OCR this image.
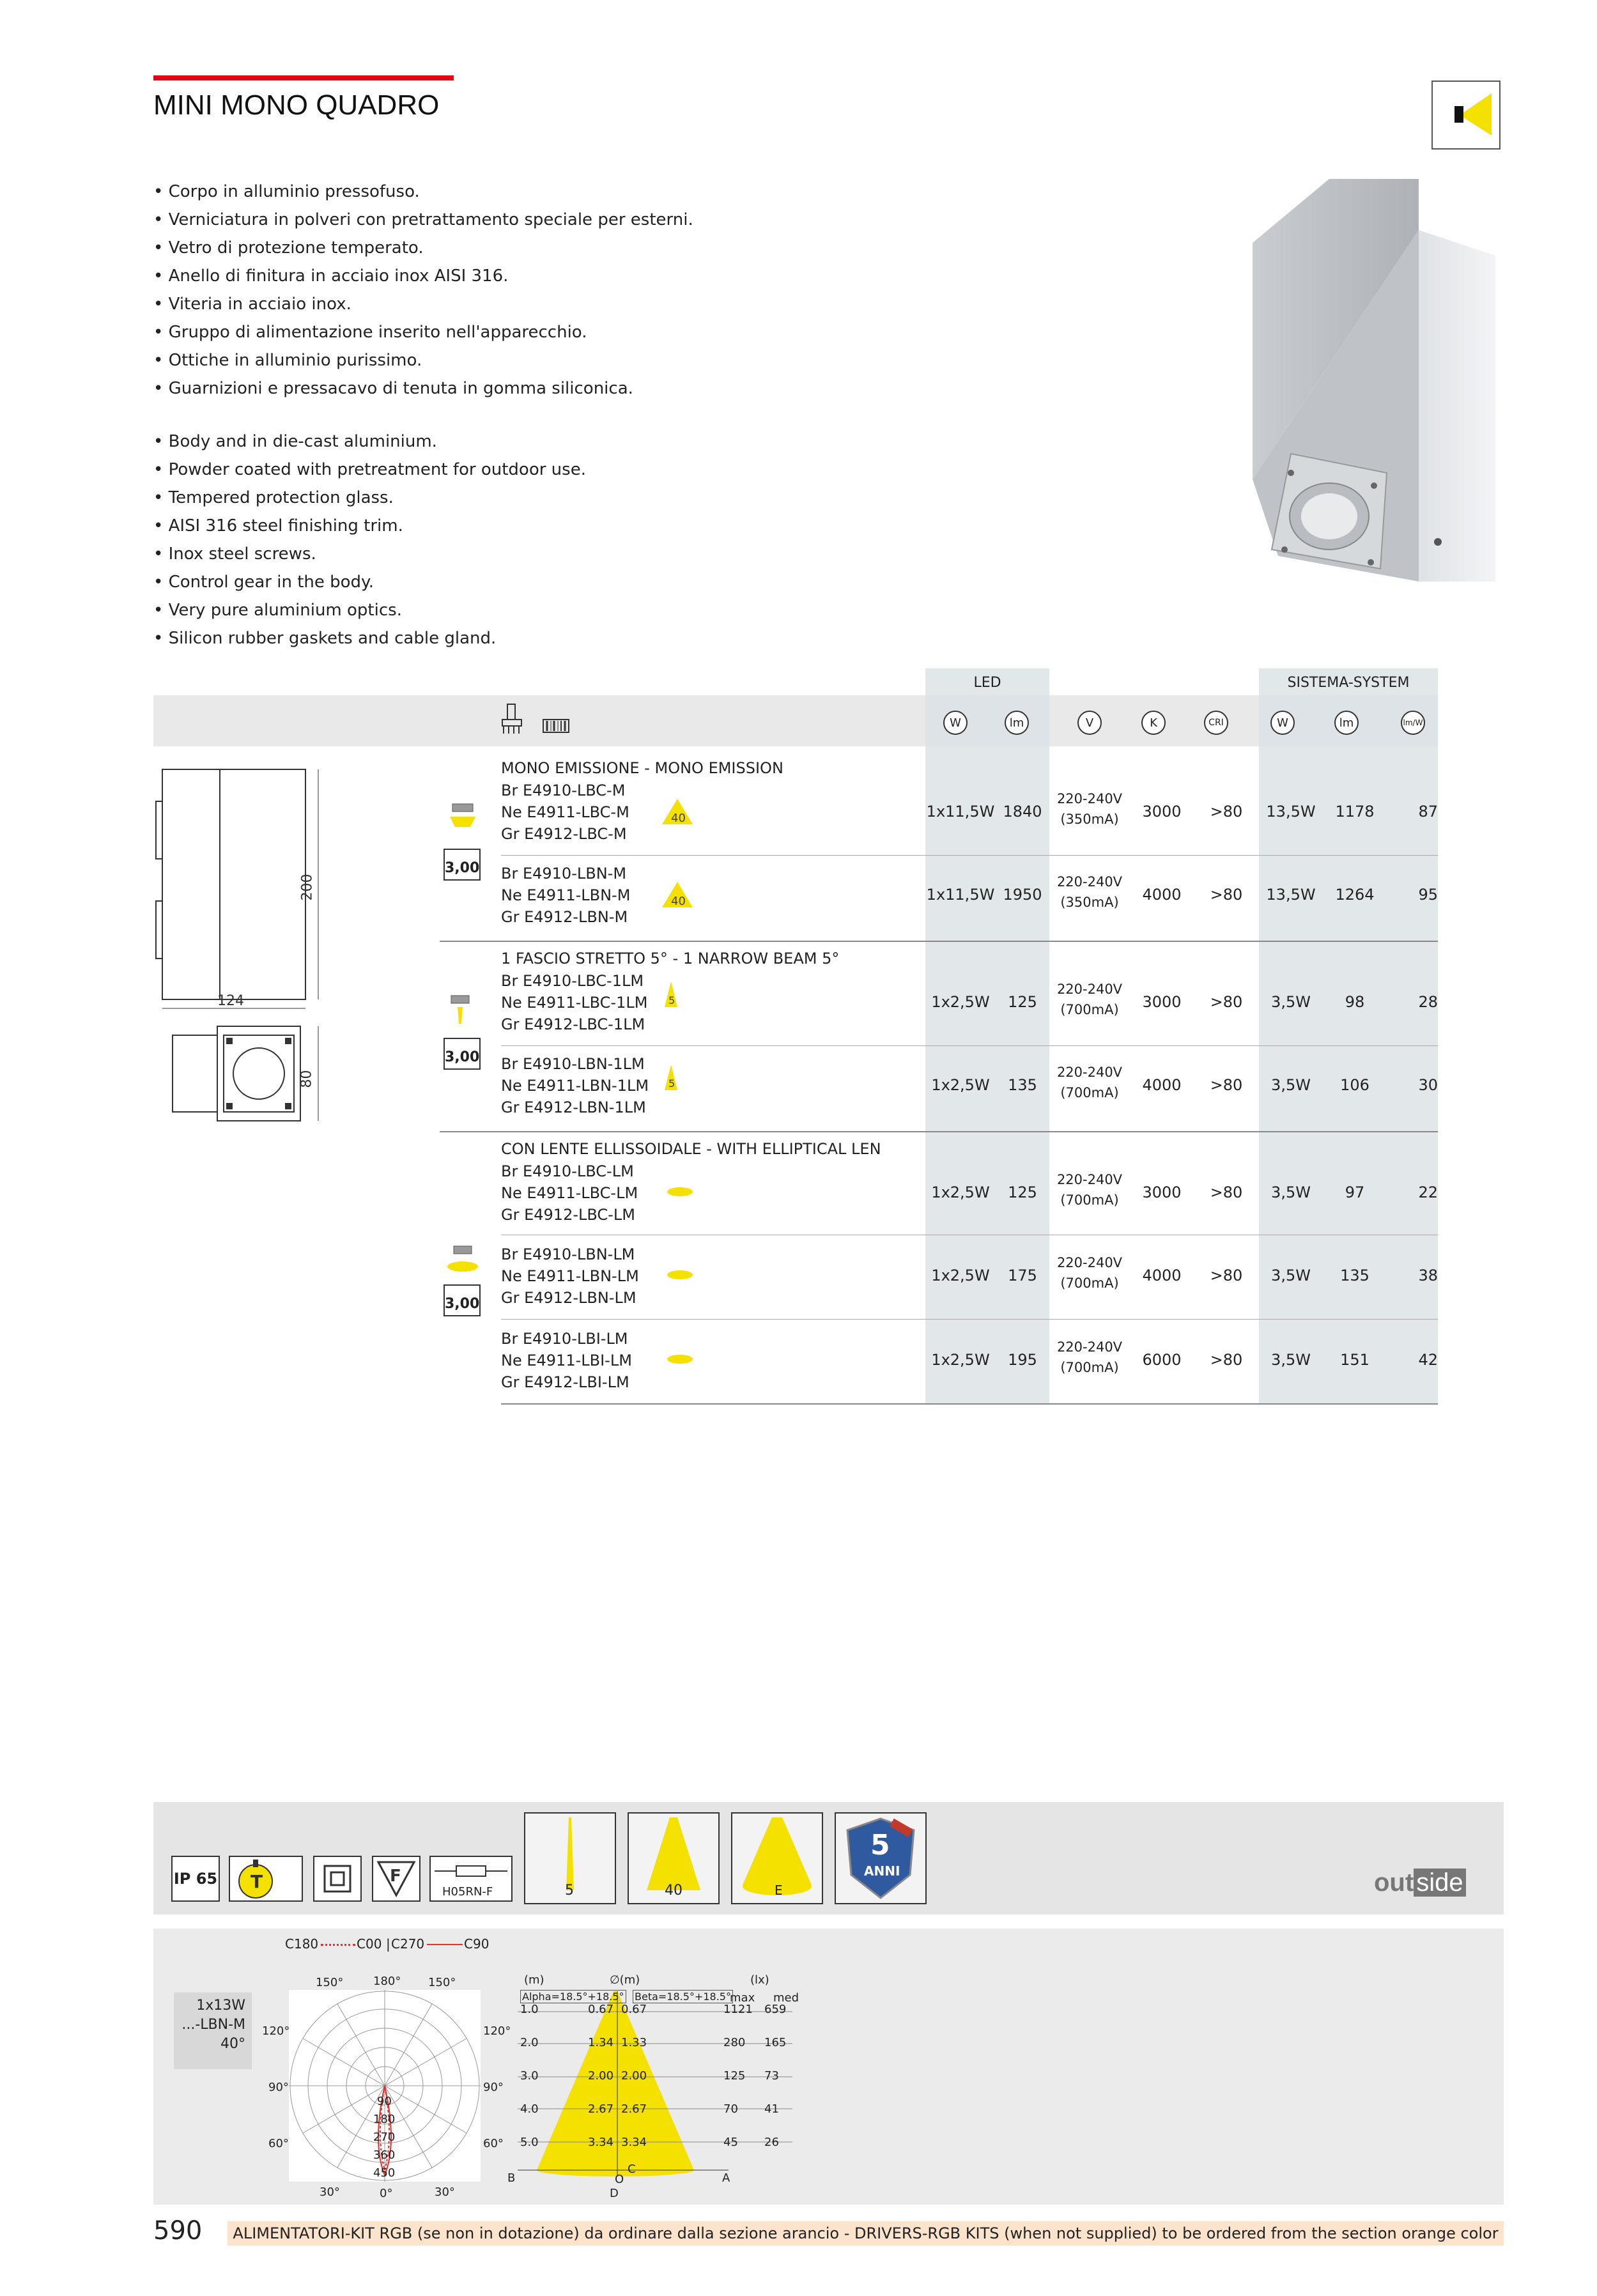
MINI MONO QUADRO
• Corpo in alluminio pressofuso.
• Verniciatura in polveri con pretrattamento speciale per esterni.
• Vetro di protezione temperato.
• Anello di finitura in acciaio inox AISI 316.
• Viteria in acciaio inox.
• Gruppo di alimentazione inserito nell'apparecchio.
• Ottiche in alluminio purissimo.
• Guarnizioni e pressacavo di tenuta in gomma siliconica.
• Body and in die-cast aluminium.
• Powder coated with pretreatment for outdoor use.
• Tempered protection glass.
• AISI 316 steel finishing trim.
• Inox steel screws.
• Control gear in the body.
• Very pure aluminium optics.
• Silicon rubber gaskets and cable gland.
LED	SISTEMA-SYSTEM
W	lm	V	K	CRI	W	lm	lm/W
MONO EMISSIONE - MONO EMISSION
1 FASCIO STRETTO 5° - 1 NARROW BEAM 5°
CON LENTE ELLISSOIDALE - WITH ELLIPTICAL LEN
3,00
3,00
3,00
Br E4910-LBC-M
Ne E4911-LBC-M
Gr E4912-LBC-M
40	1x11,5W 1840
220-240V
(350mA)	3000	>80	13,5W	1178	87
Br E4910-LBN-M
Ne E4911-LBN-M
Gr E4912-LBN-M
40	1x11,5W 1950
220-240V
(350mA)	4000	>80	13,5W	1264	95
Br E4910-LBC-1LM
Ne E4911-LBC-1LM
Gr E4912-LBC-1LM
5	1x2,5W	125
220-240V
(700mA)	3000	>80	3,5W	98	28
Br E4910-LBN-1LM
Ne E4911-LBN-1LM
Gr E4912-LBN-1LM
5	1x2,5W	135
220-240V
(700mA)	4000	>80	3,5W	106	30
Br E4910-LBC-LM
Ne E4911-LBC-LM
Gr E4912-LBC-LM
1x2,5W	125
220-240V
(700mA)	3000	>80	3,5W	97	22
Br E4910-LBN-LM
Ne E4911-LBN-LM
Gr E4912-LBN-LM
1x2,5W	175
220-240V
(700mA)	4000	>80	3,5W	135	38
Br E4910-LBI-LM
Ne E4911-LBI-LM
Gr E4912-LBI-LM
1x2,5W	195
220-240V
(700mA)	6000	>80	3,5W	151	42
200
124
80
IP 65 T	F
H05RN-F	5	40	E
5
ANNI	out side
C180	C00 | C270	C90
1x13W
...-LBN-M
40°
150°	180° 150°
120°	120°
90°	90°
60°	60°
30°	0°	30°
90
180
270
360
450
(m)	∅(m)	(lx)
Alpha=18.5°+18.5° Beta=18.5°+18.5°
max med
1.0	0.67 0.67	1121 659
2.0	1.34 1.33	280 165
3.0	2.00 2.00	125 73
4.0	2.67 2.67	70 41
5.0	3.34 3.34	45 26
B	O
C
A
D
590	ALIMENTATORI-KIT RGB (se non in dotazione) da ordinare dalla sezione arancio - DRIVERS-RGB KITS (when not supplied) to be ordered from the section orange color
